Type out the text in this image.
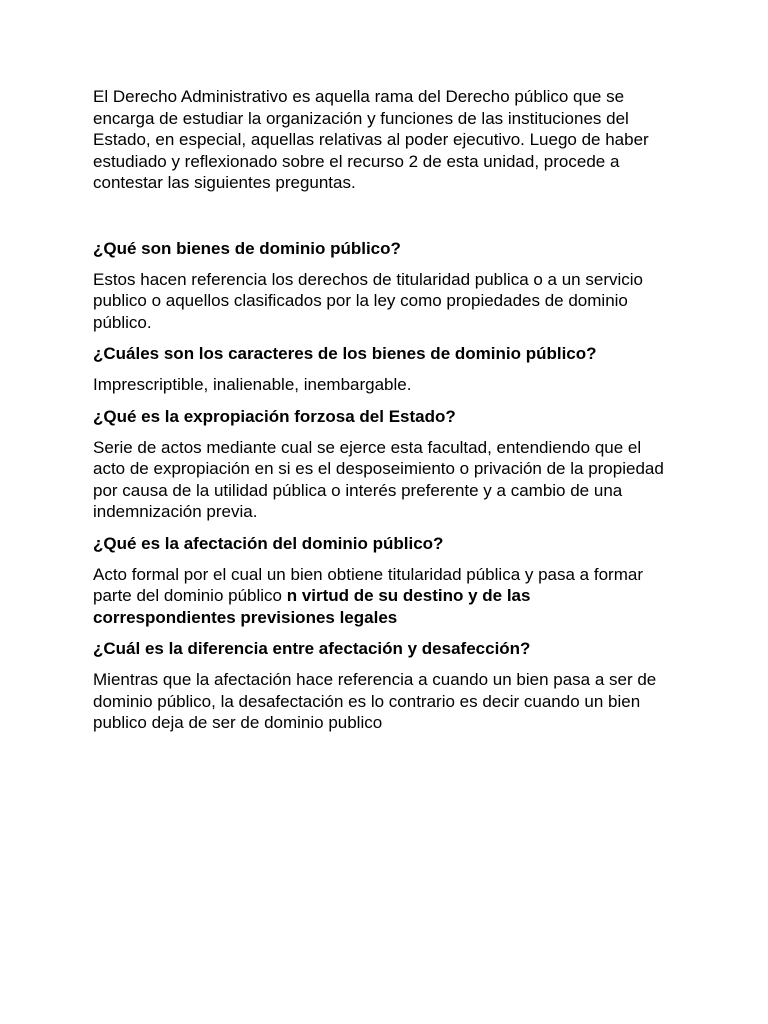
El Derecho Administrativo es aquella rama del Derecho público que se encarga de estudiar la organización y funciones de las instituciones del Estado, en especial, aquellas relativas al poder ejecutivo. Luego de haber estudiado y reflexionado sobre el recurso 2 de esta unidad, procede a contestar las siguientes preguntas.

¿Qué son bienes de dominio público?

Estos hacen referencia los derechos de titularidad publica o a un servicio publico o aquellos clasificados por la ley como propiedades de dominio público.

¿Cuáles son los caracteres de los bienes de dominio público?

Imprescriptible, inalienable, inembargable.

¿Qué es la expropiación forzosa del Estado?

Serie de actos mediante cual se ejerce esta facultad, entendiendo que el acto de expropiación en si es el desposeimiento o privación de la propiedad por causa de la utilidad pública o interés preferente y a cambio de una indemnización previa.

¿Qué es la afectación del dominio público?

Acto formal por el cual un bien obtiene titularidad pública y pasa a formar parte del dominio público n virtud de su destino y de las correspondientes previsiones legales

¿Cuál es la diferencia entre afectación y desafección?

Mientras que la afectación hace referencia a cuando un bien pasa a ser de dominio público, la desafectación es lo contrario es decir cuando un bien publico deja de ser de dominio publico
